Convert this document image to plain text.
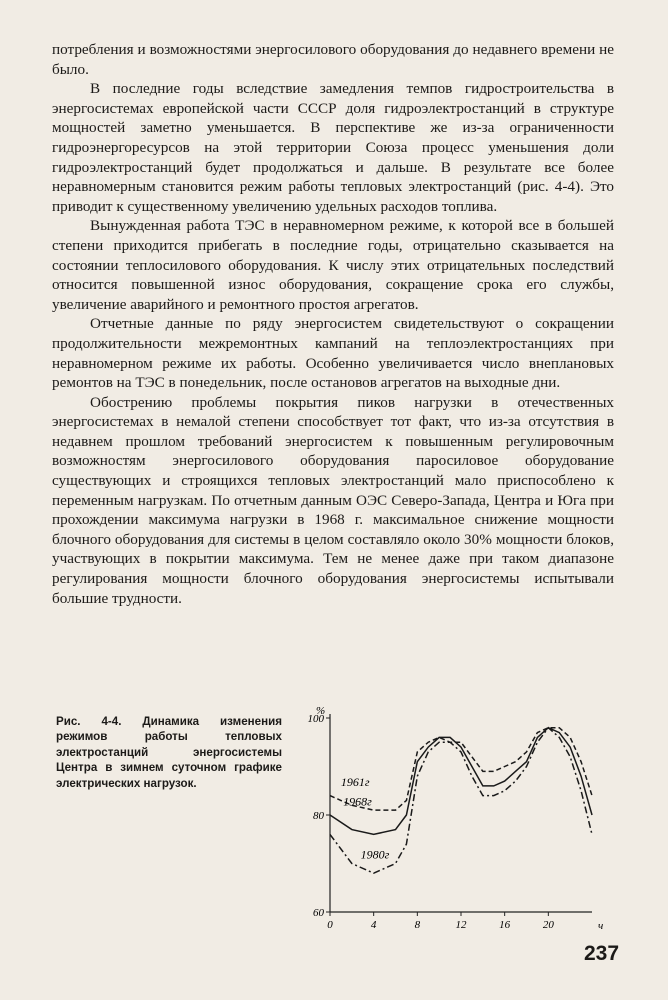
потребления и возможностями энергосилового оборудования до недавнего времени не было.

В последние годы вследствие замедления темпов гидростроительства в энергосистемах европейской части СССР доля гидроэлектростанций в структуре мощностей заметно уменьшается. В перспективе же из-за ограниченности гидроэнергоресурсов на этой территории Союза процесс уменьшения доли гидроэлектростанций будет продолжаться и дальше. В результате все более неравномерным становится режим работы тепловых электростанций (рис. 4-4). Это приводит к существенному увеличению удельных расходов топлива.

Вынужденная работа ТЭС в неравномерном режиме, к которой все в большей степени приходится прибегать в последние годы, отрицательно сказывается на состоянии теплосилового оборудования. К числу этих отрицательных последствий относится повышенной износ оборудования, сокращение срока его службы, увеличение аварийного и ремонтного простоя агрегатов.

Отчетные данные по ряду энергосистем свидетельствуют о сокращении продолжительности межремонтных кампаний на теплоэлектростанциях при неравномерном режиме их работы. Особенно увеличивается число внеплановых ремонтов на ТЭС в понедельник, после остановов агрегатов на выходные дни.

Обострению проблемы покрытия пиков нагрузки в отечественных энергосистемах в немалой степени способствует тот факт, что из-за отсутствия в недавнем прошлом требований энергосистем к повышенным регулировочным возможностям энергосилового оборудования паросиловое оборудование существующих и строящихся тепловых электростанций мало приспособлено к переменным нагрузкам. По отчетным данным ОЭС Северо-Запада, Центра и Юга при прохождении максимума нагрузки в 1968 г. максимальное снижение мощности блочного оборудования для системы в целом составляло около 30% мощности блоков, участвующих в покрытии максимума. Тем не менее даже при таком диапазоне регулирования мощности блочного оборудования энергосистемы испытывали большие трудности.

Рис. 4-4. Динамика изменения режимов работы тепловых электростанций энергосистемы Центра в зимнем суточном графике электрических нагрузок.
60
80
100
0	4	8	12	16	20
%
ч
1961г
1968г
1980г
237
